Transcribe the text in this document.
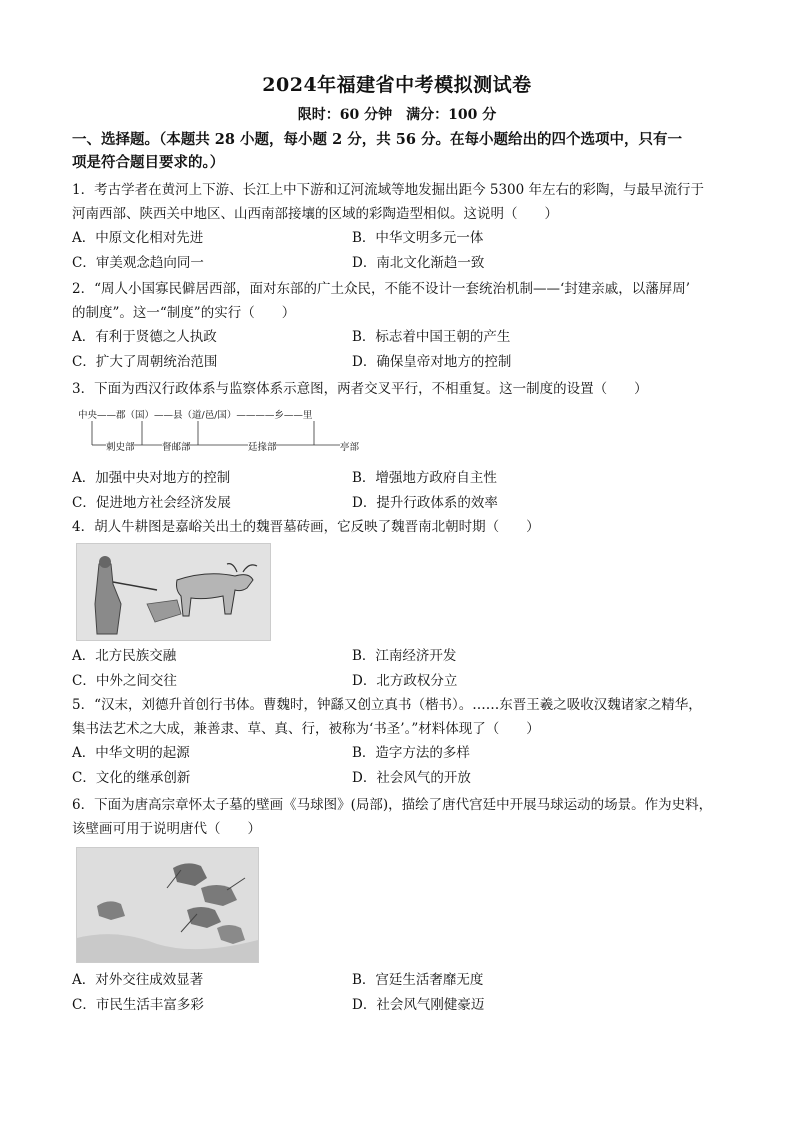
2024年福建省中考模拟测试卷
限时：60 分钟　满分：100 分
一、选择题。（本题共 28 小题，每小题 2 分，共 56 分。在每小题给出的四个选项中，只有一
项是符合题目要求的。）
1．考古学者在黄河上下游、长江上中下游和辽河流域等地发掘出距今 5300 年左右的彩陶，与最早流行于
河南西部、陕西关中地区、山西南部接壤的区域的彩陶造型相似。这说明（　　）
A．中原文化相对先进	B．中华文明多元一体
C．审美观念趋向同一	D．南北文化渐趋一致
2．“周人小国寡民僻居西部，面对东部的广土众民，不能不设计一套统治机制——‘封建亲戚，以藩屏周’
的制度”。这一“制度”的实行（　　）
A．有利于贤德之人执政	B．标志着中国王朝的产生
C．扩大了周朝统治范围	D．确保皇帝对地方的控制
3．下面为西汉行政体系与监察体系示意图，两者交叉平行，不相重复。这一制度的设置（　　）
中央——郡（国）——县（道/邑/国）————乡——里
刺史部	督邮部	廷掾部	亭部
A．加强中央对地方的控制	B．增强地方政府自主性
C．促进地方社会经济发展	D．提升行政体系的效率
4．胡人牛耕图是嘉峪关出土的魏晋墓砖画，它反映了魏晋南北朝时期（　　）
A．北方民族交融	B．江南经济开发
C．中外之间交往	D．北方政权分立
5．“汉末，刘德升首创行书体。曹魏时，钟繇又创立真书（楷书）。……东晋王羲之吸收汉魏诸家之精华，
集书法艺术之大成，兼善隶、草、真、行，被称为‘书圣’。”材料体现了（　　）
A．中华文明的起源	B．造字方法的多样
C．文化的继承创新	D．社会风气的开放
6．下面为唐高宗章怀太子墓的壁画《马球图》(局部)，描绘了唐代宫廷中开展马球运动的场景。作为史料，
该壁画可用于说明唐代（　　）
A．对外交往成效显著	B．宫廷生活奢靡无度
C．市民生活丰富多彩	D．社会风气刚健豪迈
